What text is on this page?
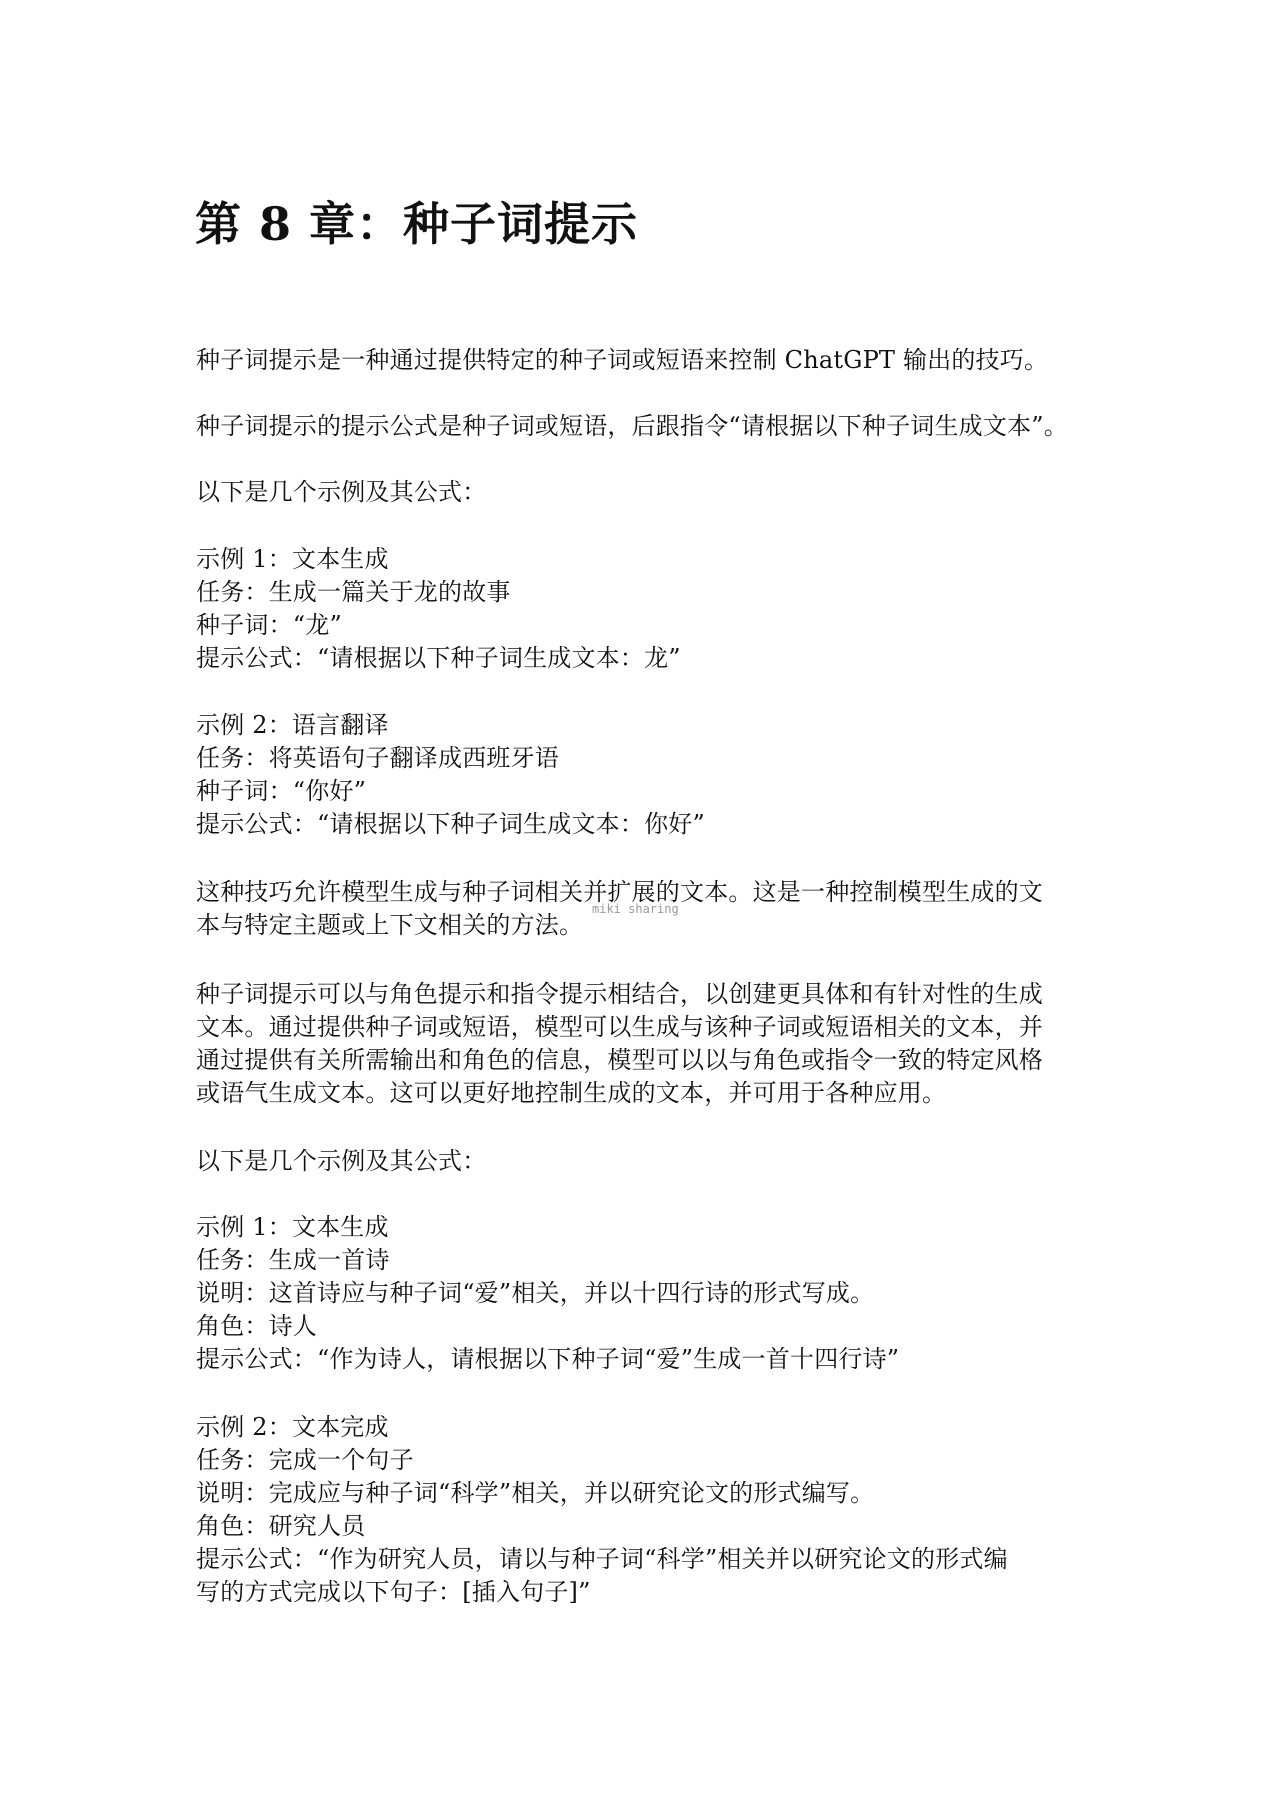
第 8 章：种子词提示

种子词提示是一种通过提供特定的种子词或短语来控制 ChatGPT 输出的技巧。

种子词提示的提示公式是种子词或短语，后跟指令“请根据以下种子词生成文本”。

以下是几个示例及其公式：

示例 1：文本生成

任务：生成一篇关于龙的故事

种子词：“龙”

提示公式：“请根据以下种子词生成文本：龙”

示例 2：语言翻译

任务：将英语句子翻译成西班牙语

种子词：“你好”

提示公式：“请根据以下种子词生成文本：你好”

这种技巧允许模型生成与种子词相关并扩展的文本。这是一种控制模型生成的文

本与特定主题或上下文相关的方法。

miki sharing

种子词提示可以与角色提示和指令提示相结合，以创建更具体和有针对性的生成

文本。通过提供种子词或短语，模型可以生成与该种子词或短语相关的文本，并

通过提供有关所需输出和角色的信息，模型可以以与角色或指令一致的特定风格

或语气生成文本。这可以更好地控制生成的文本，并可用于各种应用。

以下是几个示例及其公式：

示例 1：文本生成

任务：生成一首诗

说明：这首诗应与种子词“爱”相关，并以十四行诗的形式写成。

角色：诗人

提示公式：“作为诗人，请根据以下种子词“爱”生成一首十四行诗”

示例 2：文本完成

任务：完成一个句子

说明：完成应与种子词“科学”相关，并以研究论文的形式编写。

角色：研究人员

提示公式：“作为研究人员，请以与种子词“科学”相关并以研究论文的形式编

写的方式完成以下句子：[插入句子]”
